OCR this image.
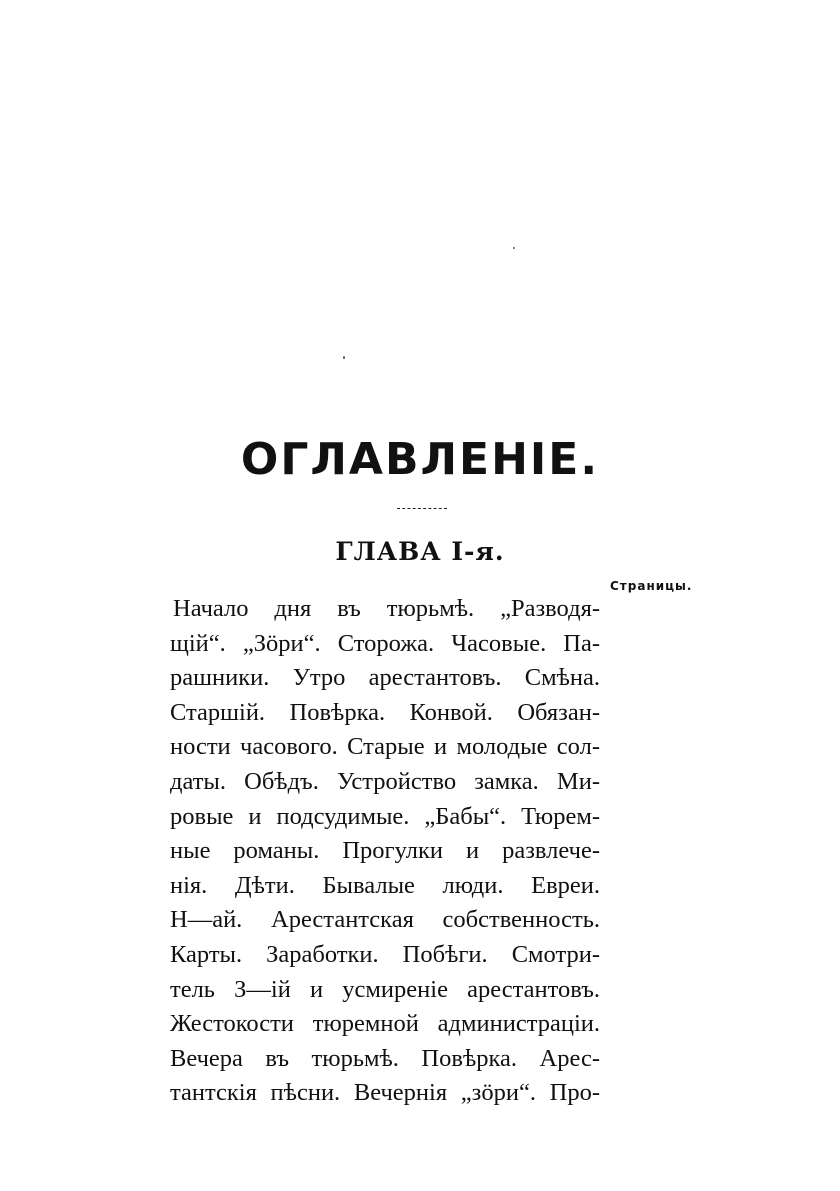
ОГЛАВЛЕНІЕ.
ГЛАВА I-я.
Страницы.
Начало дня въ тюрьмѣ. „Разводя-
щій“. „Зöри“. Сторожа. Часовые. Па-
рашники. Утро арестантовъ. Смѣна.
Старшій. Повѣрка. Конвой. Обязан-
ности часового. Старые и молодые сол-
даты. Обѣдъ. Устройство замка. Ми-
ровые и подсудимые. „Бабы“. Тюрем-
ные романы. Прогулки и развлече-
нія. Дѣти. Бывалые люди. Евреи.
Н—ай. Арестантская собственность.
Карты. Заработки. Побѣги. Смотри-
тель З—ій и усмиреніе арестантовъ.
Жестокости тюремной администраціи.
Вечера въ тюрьмѣ. Повѣрка. Арес-
тантскія пѣсни. Вечернія „зöри“. Про-
